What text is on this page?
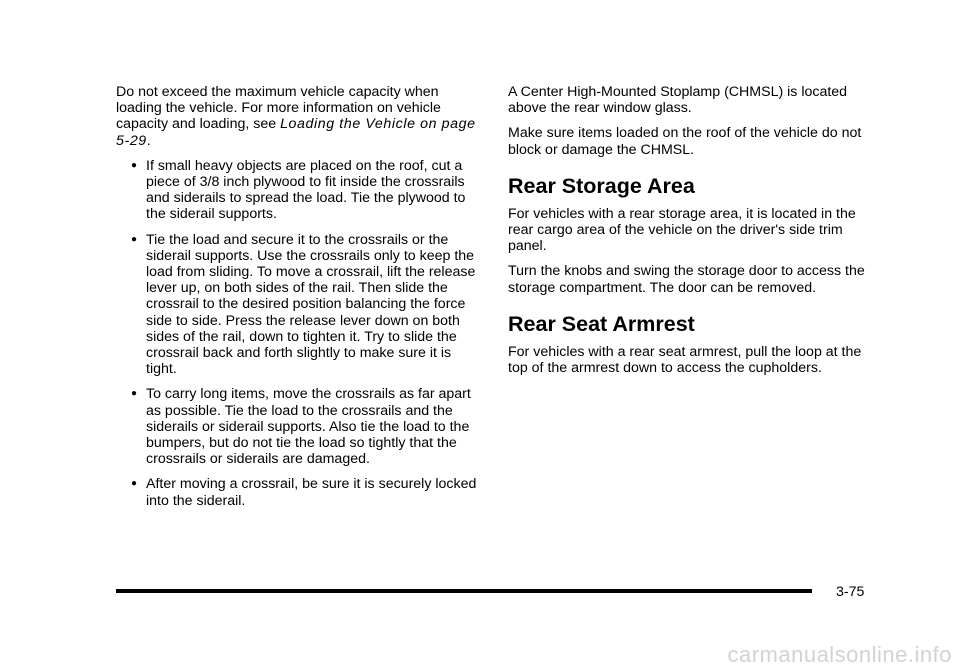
Do not exceed the maximum vehicle capacity when loading the vehicle. For more information on vehicle capacity and loading, see Loading the Vehicle on page 5-29.

● If small heavy objects are placed on the roof, cut a piece of 3/8 inch plywood to fit inside the crossrails and siderails to spread the load. Tie the plywood to the siderail supports.
● Tie the load and secure it to the crossrails or the siderail supports. Use the crossrails only to keep the load from sliding. To move a crossrail, lift the release lever up, on both sides of the rail. Then slide the crossrail to the desired position balancing the force side to side. Press the release lever down on both sides of the rail, down to tighten it. Try to slide the crossrail back and forth slightly to make sure it is tight.
● To carry long items, move the crossrails as far apart as possible. Tie the load to the crossrails and the siderails or siderail supports. Also tie the load to the bumpers, but do not tie the load so tightly that the crossrails or siderails are damaged.
● After moving a crossrail, be sure it is securely locked into the siderail.

A Center High-Mounted Stoplamp (CHMSL) is located above the rear window glass.

Make sure items loaded on the roof of the vehicle do not block or damage the CHMSL.

Rear Storage Area

For vehicles with a rear storage area, it is located in the rear cargo area of the vehicle on the driver's side trim panel.

Turn the knobs and swing the storage door to access the storage compartment. The door can be removed.

Rear Seat Armrest

For vehicles with a rear seat armrest, pull the loop at the top of the armrest down to access the cupholders.

3-75
carmanualsonline.info
